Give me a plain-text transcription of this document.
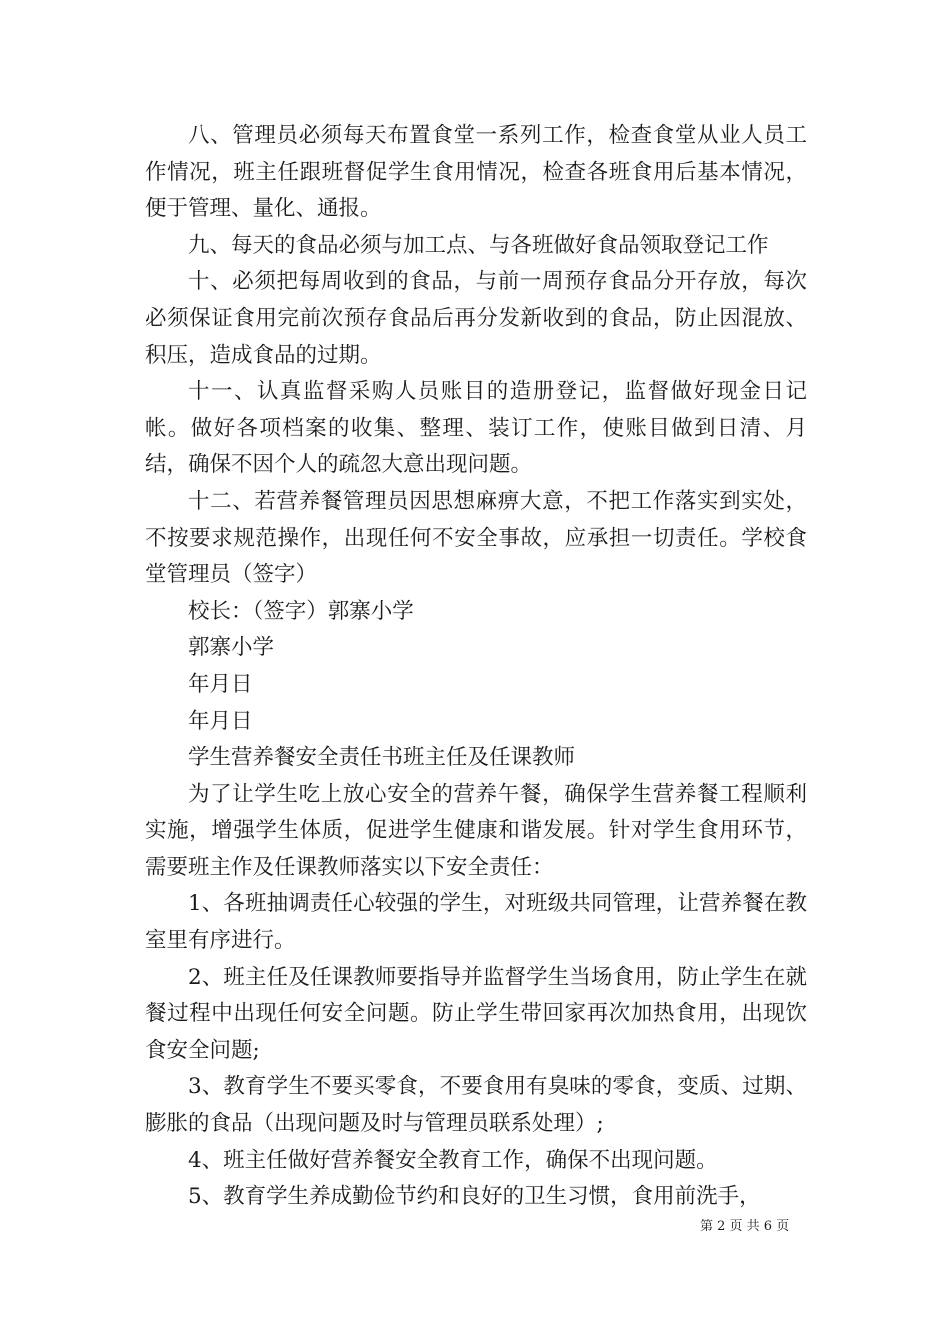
八、管理员必须每天布置食堂一系列工作，检查食堂从业人员工作情况，班主任跟班督促学生食用情况，检查各班食用后基本情况，便于管理、量化、通报。

九、每天的食品必须与加工点、与各班做好食品领取登记工作

十、必须把每周收到的食品，与前一周预存食品分开存放，每次必须保证食用完前次预存食品后再分发新收到的食品，防止因混放、积压，造成食品的过期。

十一、认真监督采购人员账目的造册登记，监督做好现金日记帐。做好各项档案的收集、整理、装订工作，使账目做到日清、月结，确保不因个人的疏忽大意出现问题。

十二、若营养餐管理员因思想麻痹大意，不把工作落实到实处，不按要求规范操作，出现任何不安全事故，应承担一切责任。学校食堂管理员（签字）

校长：（签字）郭寨小学

郭寨小学

年月日

年月日

学生营养餐安全责任书班主任及任课教师

为了让学生吃上放心安全的营养午餐，确保学生营养餐工程顺利实施，增强学生体质，促进学生健康和谐发展。针对学生食用环节，需要班主作及任课教师落实以下安全责任：

1、各班抽调责任心较强的学生，对班级共同管理，让营养餐在教室里有序进行。

2、班主任及任课教师要指导并监督学生当场食用，防止学生在就餐过程中出现任何安全问题。防止学生带回家再次加热食用，出现饮食安全问题;

3、教育学生不要买零食，不要食用有臭味的零食，变质、过期、膨胀的食品（出现问题及时与管理员联系处理）;

4、班主任做好营养餐安全教育工作，确保不出现问题。

5、教育学生养成勤俭节约和良好的卫生习惯，食用前洗手，

第 2 页 共 6 页
